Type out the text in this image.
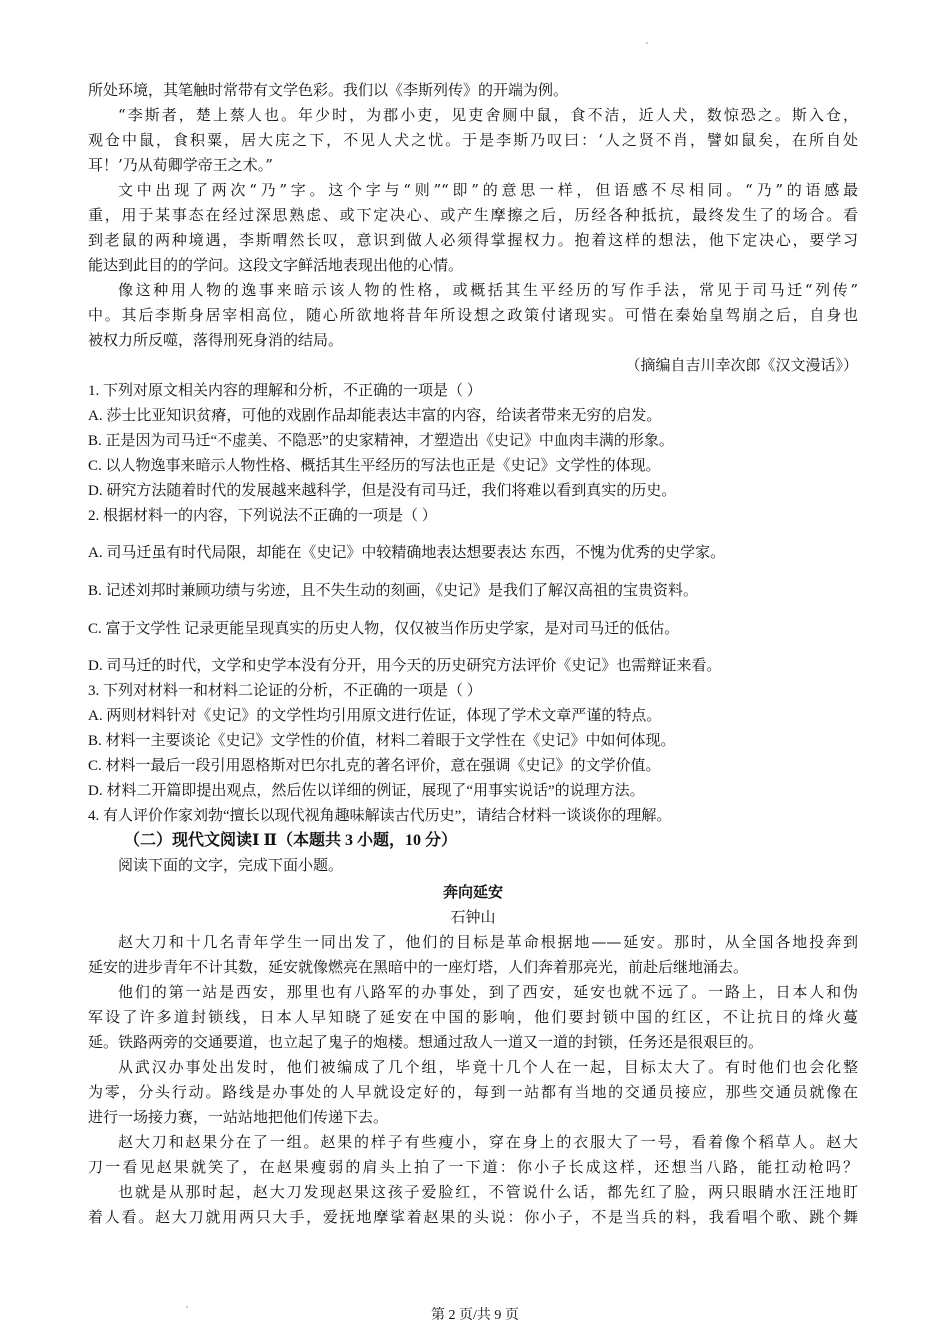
所处环境，其笔触时常带有文学色彩。我们以《李斯列传》的开端为例。
“李斯者，楚上蔡人也。年少时，为郡小吏，见吏舍厕中鼠，食不洁，近人犬，数惊恐之。斯入仓，
观仓中鼠，食积粟，居大庑之下，不见人犬之忧。于是李斯乃叹曰：‘人之贤不肖，譬如鼠矣，在所自处
耳！’乃从荀卿学帝王之术。”
文中出现了两次“乃”字。这个字与“则”“即”的意思一样，但语感不尽相同。“乃”的语感最
重，用于某事态在经过深思熟虑、或下定决心、或产生摩擦之后，历经各种抵抗，最终发生了的场合。看
到老鼠的两种境遇，李斯喟然长叹，意识到做人必须得掌握权力。抱着这样的想法，他下定决心，要学习
能达到此目的的学问。这段文字鲜活地表现出他的心情。
像这种用人物的逸事来暗示该人物的性格，或概括其生平经历的写作手法，常见于司马迁“列传”
中。其后李斯身居宰相高位，随心所欲地将昔年所设想之政策付诸现实。可惜在秦始皇驾崩之后，自身也
被权力所反噬，落得刑死身消的结局。
（摘编自吉川幸次郎《汉文漫话》）
1. 下列对原文相关内容的理解和分析，不正确的一项是（ ）
A. 莎士比亚知识贫瘠，可他的戏剧作品却能表达丰富的内容，给读者带来无穷的启发。
B. 正是因为司马迁“不虚美、不隐恶”的史家精神，才塑造出《史记》中血肉丰满的形象。
C. 以人物逸事来暗示人物性格、概括其生平经历的写法也正是《史记》文学性的体现。
D. 研究方法随着时代的发展越来越科学，但是没有司马迁，我们将难以看到真实的历史。
2. 根据材料一的内容，下列说法不正确的一项是（ ）
A. 司马迁虽有时代局限，却能在《史记》中较精确地表达想要表达 东西，不愧为优秀的史学家。
B. 记述刘邦时兼顾功绩与劣迹，且不失生动的刻画，《史记》是我们了解汉高祖的宝贵资料。
C. 富于文学性 记录更能呈现真实的历史人物，仅仅被当作历史学家，是对司马迁的低估。
D. 司马迁的时代，文学和史学本没有分开，用今天的历史研究方法评价《史记》也需辩证来看。
3. 下列对材料一和材料二论证的分析，不正确的一项是（ ）
A. 两则材料针对《史记》的文学性均引用原文进行佐证，体现了学术文章严谨的特点。
B. 材料一主要谈论《史记》文学性的价值，材料二着眼于文学性在《史记》中如何体现。
C. 材料一最后一段引用恩格斯对巴尔扎克的著名评价，意在强调《史记》的文学价值。
D. 材料二开篇即提出观点，然后佐以详细的例证，展现了“用事实说话”的说理方法。
4. 有人评价作家刘勃“擅长以现代视角趣味解读古代历史”，请结合材料一谈谈你的理解。
（二）现代文阅读Ⅰ Ⅱ（本题共 3 小题，10 分）
阅读下面的文字，完成下面小题。
奔向延安
石钟山
赵大刀和十几名青年学生一同出发了，他们的目标是革命根据地——延安。那时，从全国各地投奔到
延安的进步青年不计其数，延安就像燃亮在黑暗中的一座灯塔，人们奔着那亮光，前赴后继地涌去。
他们的第一站是西安，那里也有八路军的办事处，到了西安，延安也就不远了。一路上，日本人和伪
军设了许多道封锁线，日本人早知晓了延安在中国的影响，他们要封锁中国的红区，不让抗日的烽火蔓
延。铁路两旁的交通要道，也立起了鬼子的炮楼。想通过敌人一道又一道的封锁，任务还是很艰巨的。
从武汉办事处出发时，他们被编成了几个组，毕竟十几个人在一起，目标太大了。有时他们也会化整
为零，分头行动。路线是办事处的人早就设定好的，每到一站都有当地的交通员接应，那些交通员就像在
进行一场接力赛，一站站地把他们传递下去。
赵大刀和赵果分在了一组。赵果的样子有些瘦小，穿在身上的衣服大了一号，看着像个稻草人。赵大
刀一看见赵果就笑了，在赵果瘦弱的肩头上拍了一下道：你小子长成这样，还想当八路，能扛动枪吗？
也就是从那时起，赵大刀发现赵果这孩子爱脸红，不管说什么话，都先红了脸，两只眼睛水汪汪地盯
着人看。赵大刀就用两只大手，爱抚地摩挲着赵果的头说：你小子，不是当兵的料，我看唱个歌、跳个舞
第 2 页/共 9 页
